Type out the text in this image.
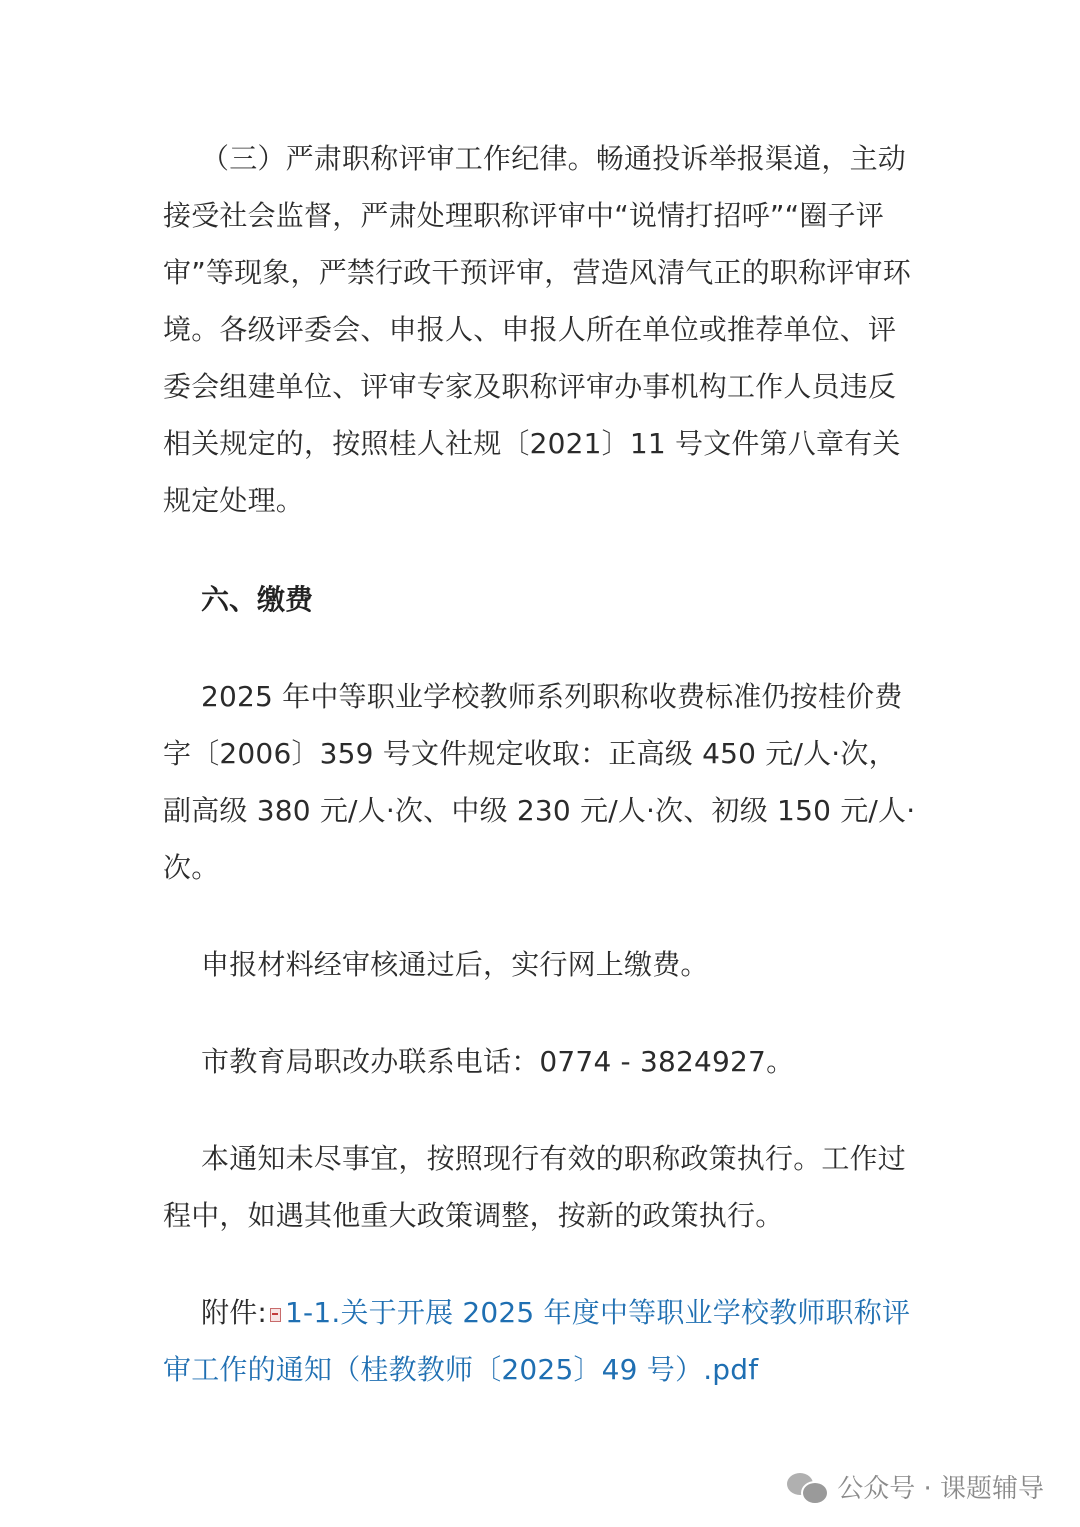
（三）严肃职称评审工作纪律。畅通投诉举报渠道，主动接受社会监督，严肃处理职称评审中“说情打招呼”“圈子评审”等现象，严禁行政干预评审，营造风清气正的职称评审环境。各级评委会、申报人、申报人所在单位或推荐单位、评委会组建单位、评审专家及职称评审办事机构工作人员违反相关规定的，按照桂人社规〔2021〕11 号文件第八章有关规定处理。

六、缴费

2025 年中等职业学校教师系列职称收费标准仍按桂价费字〔2006〕359 号文件规定收取：正高级 450 元/人·次，副高级 380 元/人·次、中级 230 元/人·次、初级 150 元/人·次。

申报材料经审核通过后，实行网上缴费。

市教育局职改办联系电话：0774 - 3824927。

本通知未尽事宜，按照现行有效的职称政策执行。工作过程中，如遇其他重大政策调整，按新的政策执行。

附件: 1-1.关于开展 2025 年度中等职业学校教师职称评审工作的通知（桂教教师〔2025〕49 号）.pdf

公众号 · 课题辅导
